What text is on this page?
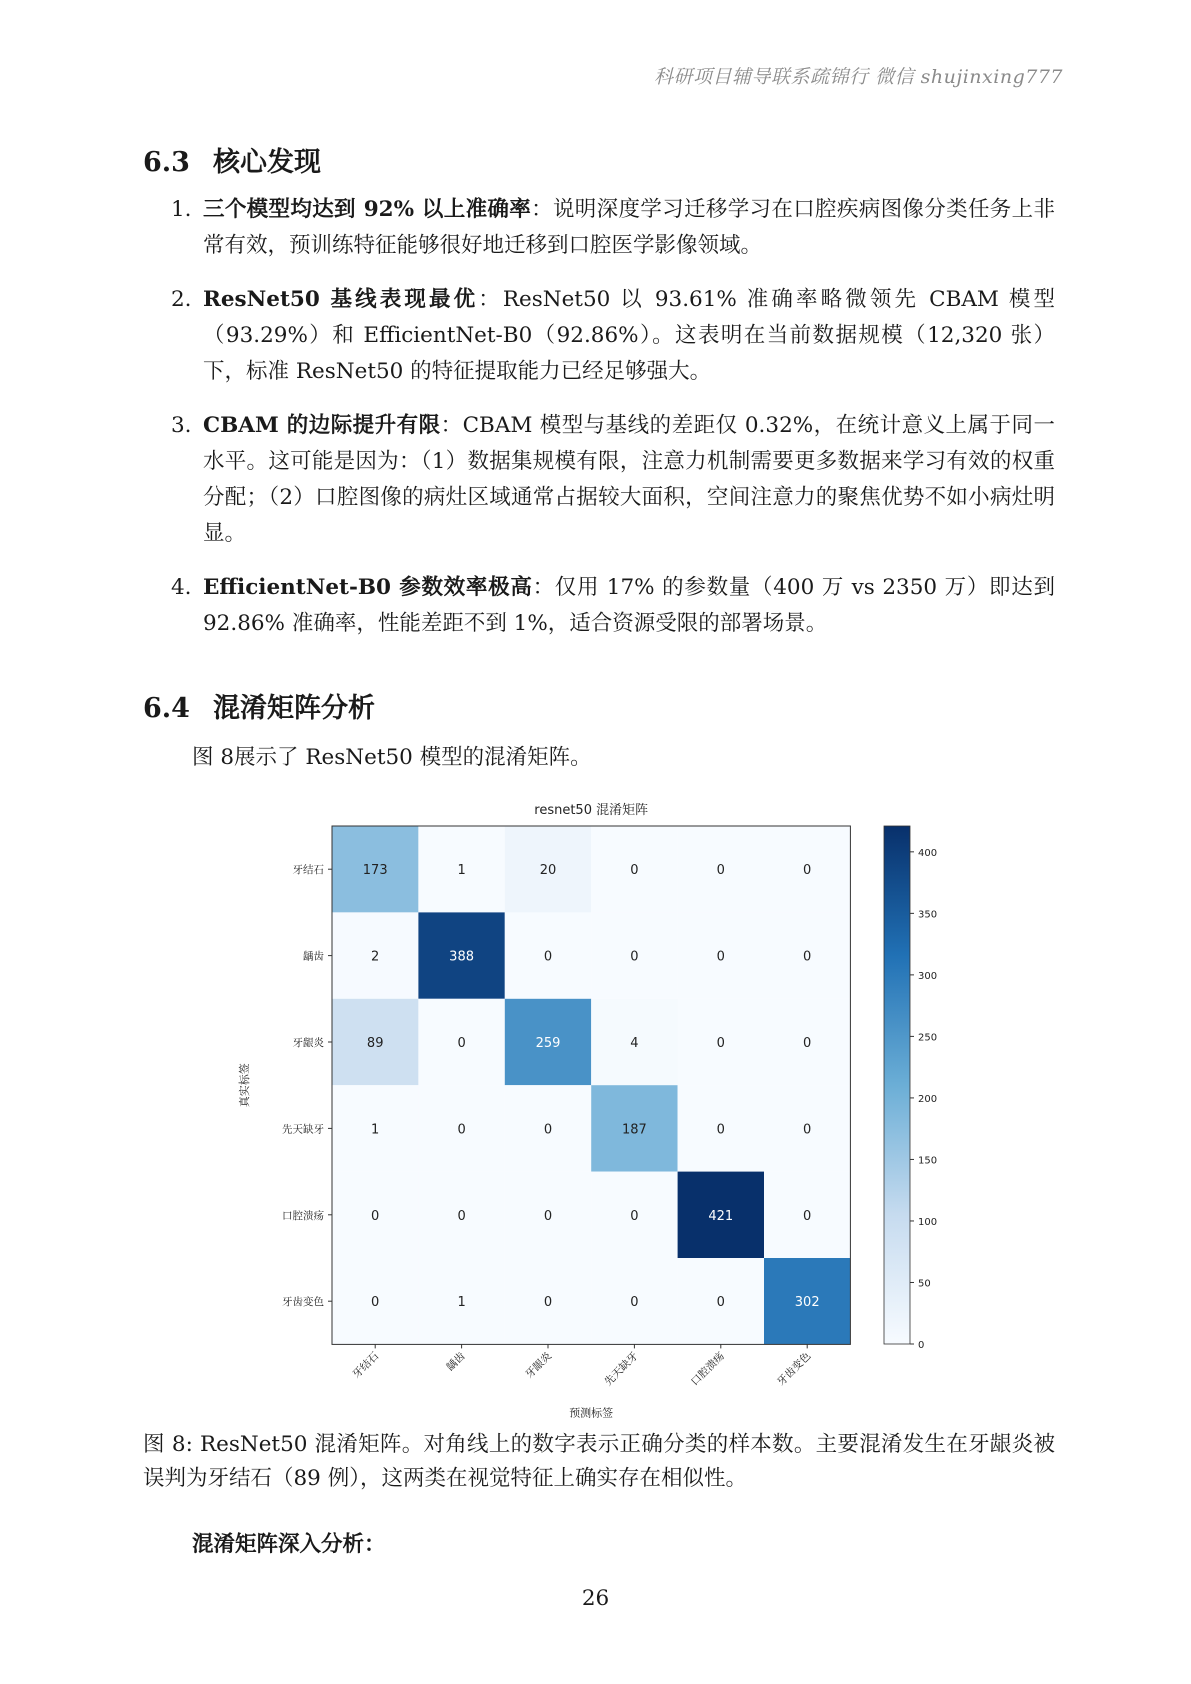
科研项目辅导联系疏锦行 微信 shujinxing777
6.3 核心发现
1. 三个模型均达到 92% 以上准确率：说明深度学习迁移学习在口腔疾病图像分类任务上非常有效，预训练特征能够很好地迁移到口腔医学影像领域。
2. ResNet50 基线表现最优：ResNet50 以 93.61% 准确率略微领先 CBAM 模型（93.29%）和 EfficientNet-B0（92.86%）。这表明在当前数据规模（12,320 张）下，标准 ResNet50 的特征提取能力已经足够强大。
3. CBAM 的边际提升有限：CBAM 模型与基线的差距仅 0.32%，在统计意义上属于同一水平。这可能是因为：（1）数据集规模有限，注意力机制需要更多数据来学习有效的权重分配；（2）口腔图像的病灶区域通常占据较大面积，空间注意力的聚焦优势不如小病灶明显。
4. EfficientNet-B0 参数效率极高：仅用 17% 的参数量（400 万 vs 2350 万）即达到 92.86% 准确率，性能差距不到 1%，适合资源受限的部署场景。
6.4 混淆矩阵分析
图 8展示了 ResNet50 模型的混淆矩阵。
173	1	20	0	0	0
2	388	0	0	0	0
89	0	259	4	0	0
1	0	0	187	0	0
0	0	0	0	421	0
0	1	0	0	0	302
resnet50 混淆矩阵
牙结石
龋齿
牙龈炎
先天缺牙
口腔溃疡
牙齿变色
牙结石	龋齿	牙龈炎	先天缺牙	口腔溃疡	牙齿变色
预测标签
真实标签
0
50
100
150
200
250
300
350
400
图 8: ResNet50 混淆矩阵。对角线上的数字表示正确分类的样本数。主要混淆发生在牙龈炎被误判为牙结石（89 例），这两类在视觉特征上确实存在相似性。
混淆矩阵深入分析：
26
